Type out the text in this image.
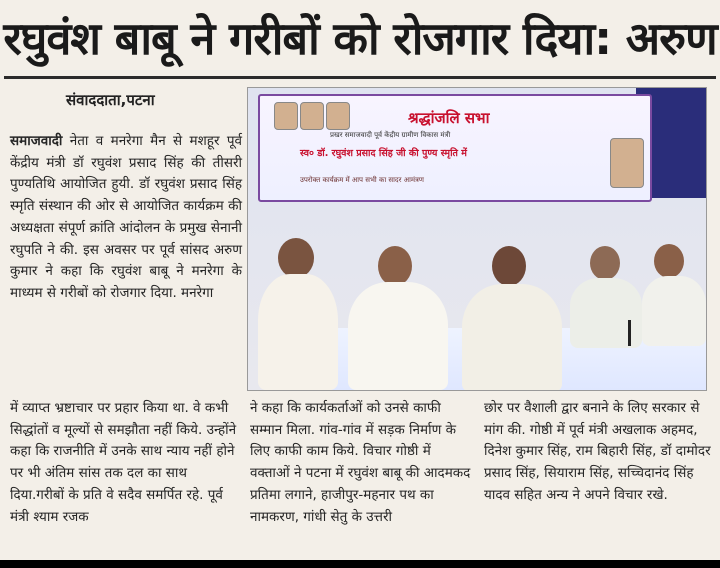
रघुवंश बाबू ने गरीबों को रोजगार दिया: अरुण
संवाददाता,पटना
समाजवादी नेता व मनरेगा मैन से मशहूर पूर्व केंद्रीय मंत्री डॉ रघुवंश प्रसाद सिंह की तीसरी पुण्यतिथि आयोजित हुयी. डॉ रघुवंश प्रसाद सिंह स्मृति संस्थान की ओर से आयोजित कार्यक्रम की अध्यक्षता संपूर्ण क्रांति आंदोलन के प्रमुख सेनानी रघुपति ने की. इस अवसर पर पूर्व सांसद अरुण कुमार ने कहा कि रघुवंश बाबू ने मनरेगा के माध्यम से गरीबों को रोजगार दिया. मनरेगा
में व्याप्त भ्रष्टाचार पर प्रहार किया था. वे कभी सिद्धांतों व मूल्यों से समझौता नहीं किये. उन्होंने कहा कि राजनीति में उनके साथ न्याय नहीं होने पर भी अंतिम सांस तक दल का साथ दिया.गरीबों के प्रति वे सदैव समर्पित रहे. पूर्व मंत्री श्याम रजक
ने कहा कि कार्यकर्ताओं को उनसे काफी सम्मान मिला. गांव-गांव में सड़क निर्माण के लिए काफी काम किये. विचार गोष्ठी में वक्ताओं ने पटना में रघुवंश बाबू की आदमकद प्रतिमा लगाने, हाजीपुर-महनार पथ का नामकरण, गांधी सेतु के उत्तरी
छोर पर वैशाली द्वार बनाने के लिए सरकार से मांग की. गोष्ठी में पूर्व मंत्री अखलाक अहमद, दिनेश कुमार सिंह, राम बिहारी सिंह, डॉ दामोदर प्रसाद सिंह, सियाराम सिंह, सच्चिदानंद सिंह यादव सहित अन्य ने अपने विचार रखे.
श्रद्धांजलि सभा
प्रखर समाजवादी पूर्व केंद्रीय ग्रामीण विकास मंत्री
स्व० डॉ. रघुवंश प्रसाद सिंह जी की पुण्य स्मृति में
उपरोक्त कार्यक्रम में आप सभी का सादर आमंत्रण
